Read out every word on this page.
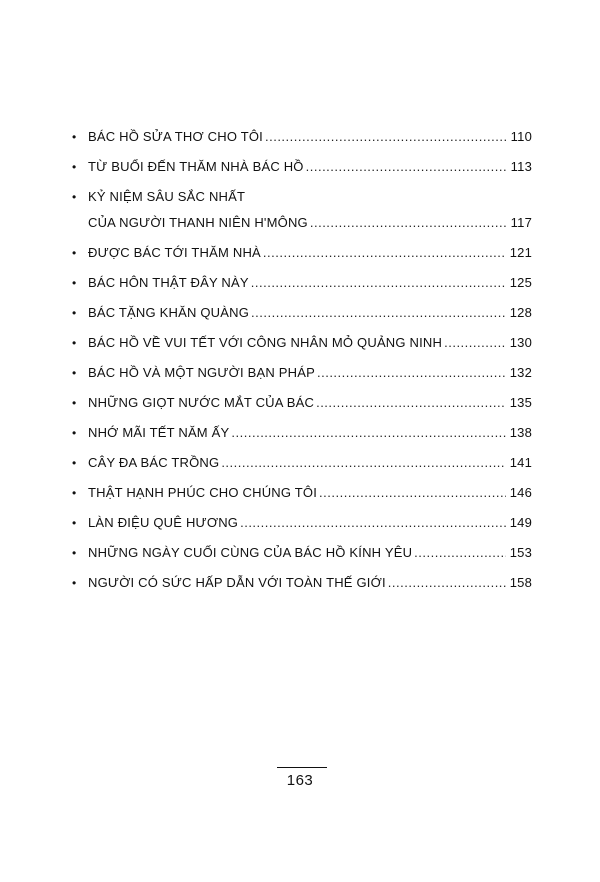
• BÁC HỒ SỬA THƠ CHO TÔI .....	110
• TỪ BUỔI ĐẾN THĂM NHÀ BÁC HỒ .....	113
• KỶ NIỆM SÂU SẮC NHẤT
CỦA NGƯỜI THANH NIÊN H'MÔNG .....	117
• ĐƯỢC BÁC TỚI THĂM NHÀ .....	121
• BÁC HÔN THẬT ĐÂY NÀY .....	125
• BÁC TẶNG KHĂN QUÀNG .....	128
• BÁC HỒ VỀ VUI TẾT VỚI CÔNG NHÂN MỎ QUẢNG NINH .....	130
• BÁC HỒ VÀ MỘT NGƯỜI BẠN PHÁP .....	132
• NHỮNG GIỌT NƯỚC MẮT CỦA BÁC .....	135
• NHỚ MÃI TẾT NĂM ẤY .....	138
• CÂY ĐA BÁC TRỒNG .....	141
• THẬT HẠNH PHÚC CHO CHÚNG TÔI .....	146
• LÀN ĐIỆU QUÊ HƯƠNG .....	149
• NHỮNG NGÀY CUỐI CÙNG CỦA BÁC HỒ KÍNH YÊU .....	153
• NGƯỜI CÓ SỨC HẤP DẪN VỚI TOÀN THẾ GIỚI .....	158
163
